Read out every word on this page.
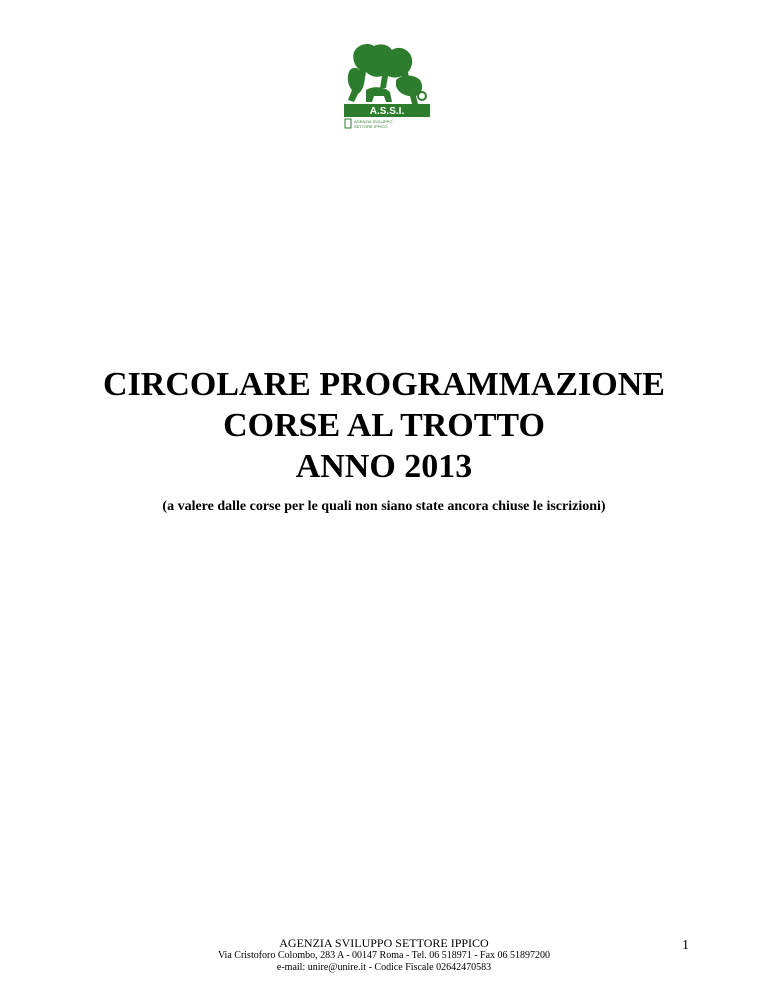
A.S.S.I.
AGENZIA SVILUPPO
SETTORE IPPICO

CIRCOLARE PROGRAMMAZIONE

CORSE AL TROTTO

ANNO 2013

(a valere dalle corse per le quali non siano state ancora chiuse le iscrizioni)
AGENZIA SVILUPPO SETTORE IPPICO
Via Cristoforo Colombo, 283 A - 00147 Roma - Tel. 06 518971 - Fax 06 51897200
e-mail: unire@unire.it - Codice Fiscale 02642470583
1
